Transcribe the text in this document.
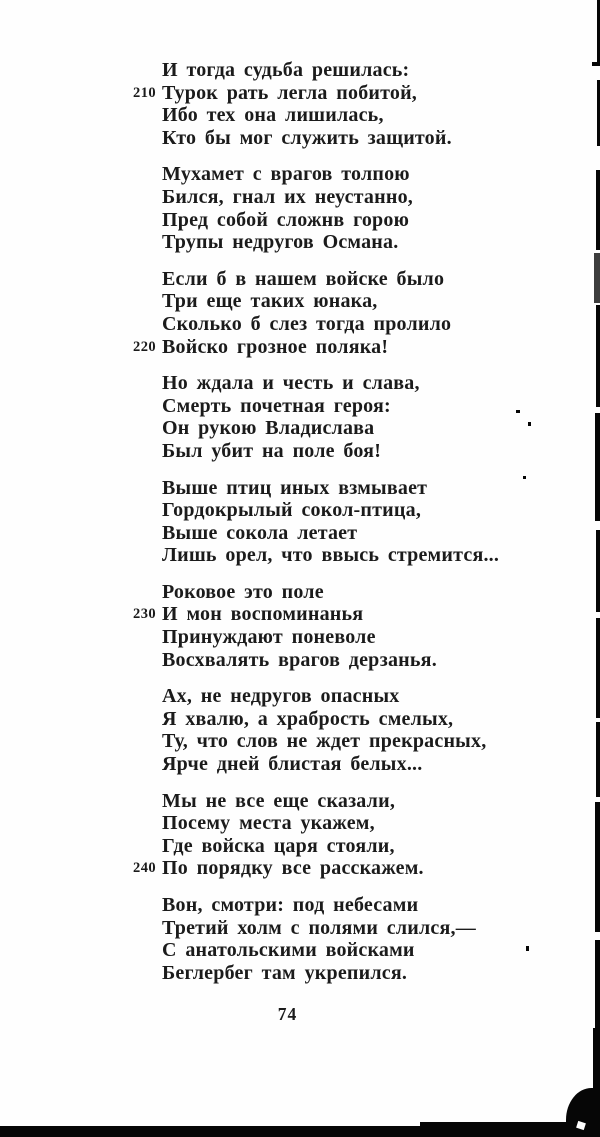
И тогда судьба решилась:
210 Турок рать легла побитой,
Ибо тех она лишилась,
Кто бы мог служить защитой.
Мухамет с врагов толпою
Бился, гнал их неустанно,
Пред собой сложнв горою
Трупы недругов Османа.
Если б в нашем войске было
Три еще таких юнака,
Сколько б слез тогда пролило
220 Войско грозное поляка!
Но ждала и честь и слава,
Смерть почетная героя:
Он рукою Владислава
Был убит на поле боя!
Выше птиц иных взмывает
Гордокрылый сокол-птица,
Выше сокола летает
Лишь орел, что ввысь стремится...
Роковое это поле
230 И мон воспоминанья
Принуждают поневоле
Восхвалять врагов дерзанья.
Ах, не недругов опасных
Я хвалю, а храбрость смелых,
Ту, что слов не ждет прекрасных,
Ярче дней блистая белых...
Мы не все еще сказали,
Посему места укажем,
Где войска царя стояли,
240 По порядку все расскажем.
Вон, смотри: под небесами
Третий холм с полями слился,—
С анатольскими войсками
Беглербег там укрепился.
74
